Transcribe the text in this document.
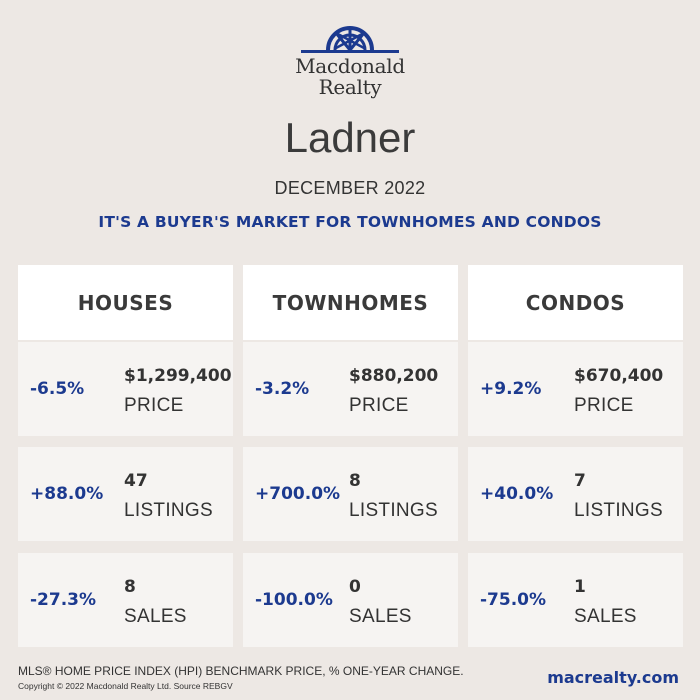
Macdonald
Realty
Ladner
DECEMBER 2022
IT'S A BUYER'S MARKET FOR TOWNHOMES AND CONDOS
HOUSES
-6.5%
$1,299,400
PRICE
+88.0%
47
LISTINGS
-27.3%
8
SALES
TOWNHOMES
-3.2%
$880,200
PRICE
+700.0%
8
LISTINGS
-100.0%
0
SALES
CONDOS
+9.2%
$670,400
PRICE
+40.0%
7
LISTINGS
-75.0%
1
SALES
MLS® HOME PRICE INDEX (HPI) BENCHMARK PRICE, % ONE-YEAR CHANGE.
Copyright © 2022 Macdonald Realty Ltd. Source REBGV	macrealty.com
